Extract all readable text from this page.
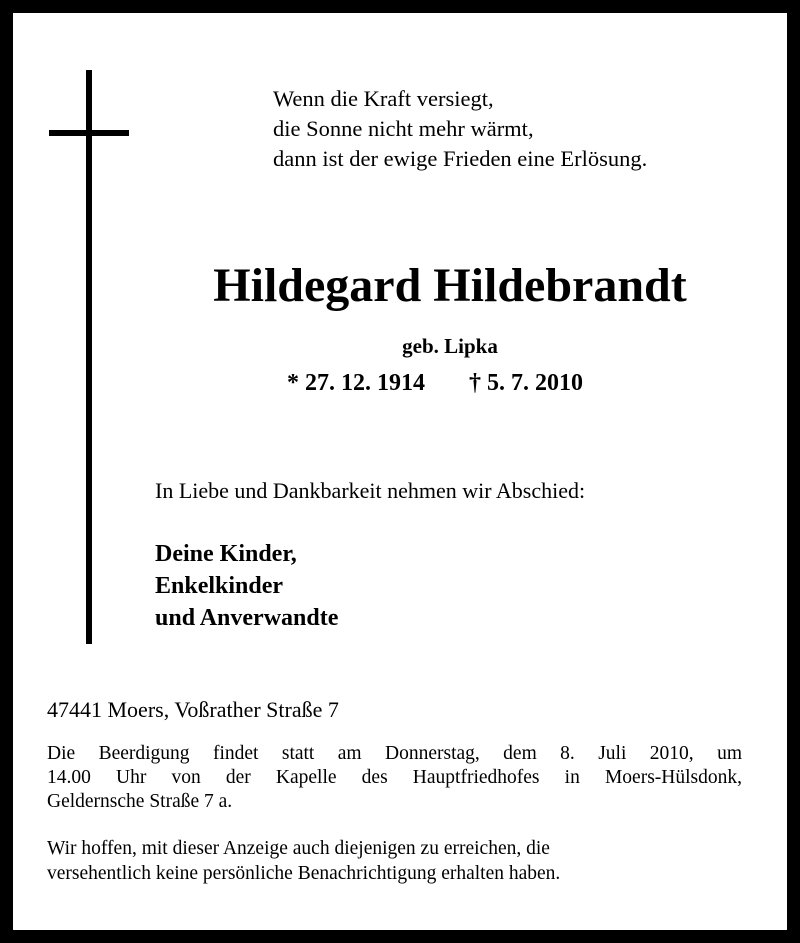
Wenn die Kraft versiegt,
die Sonne nicht mehr wärmt,
dann ist der ewige Frieden eine Erlösung.
Hildegard Hildebrandt
geb. Lipka
* 27. 12. 1914 † 5. 7. 2010
In Liebe und Dankbarkeit nehmen wir Abschied:
Deine Kinder,
Enkelkinder
und Anverwandte
47441 Moers, Voßrather Straße 7
Die Beerdigung findet statt am Donnerstag, dem 8. Juli 2010, um
14.00 Uhr von der Kapelle des Hauptfriedhofes in Moers-Hülsdonk,
Geldernsche Straße 7 a.
Wir hoffen, mit dieser Anzeige auch diejenigen zu erreichen, die
versehentlich keine persönliche Benachrichtigung erhalten haben.
